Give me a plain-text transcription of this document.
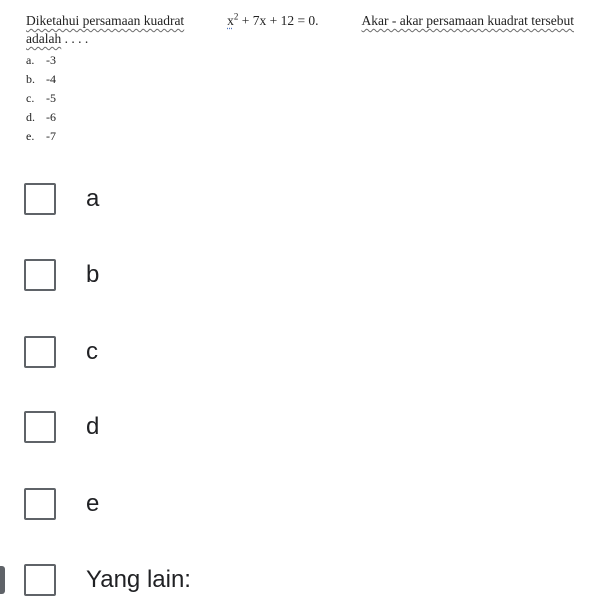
Diketahui persamaan kuadrat	$x^2 + 7x + 12 = 0$.	Akar - akar persamaan kuadrat tersebut
adalah . . . .
a. -3
b. -4
c. -5
d. -6
e. -7
a
b
c
d
e
Yang lain:
